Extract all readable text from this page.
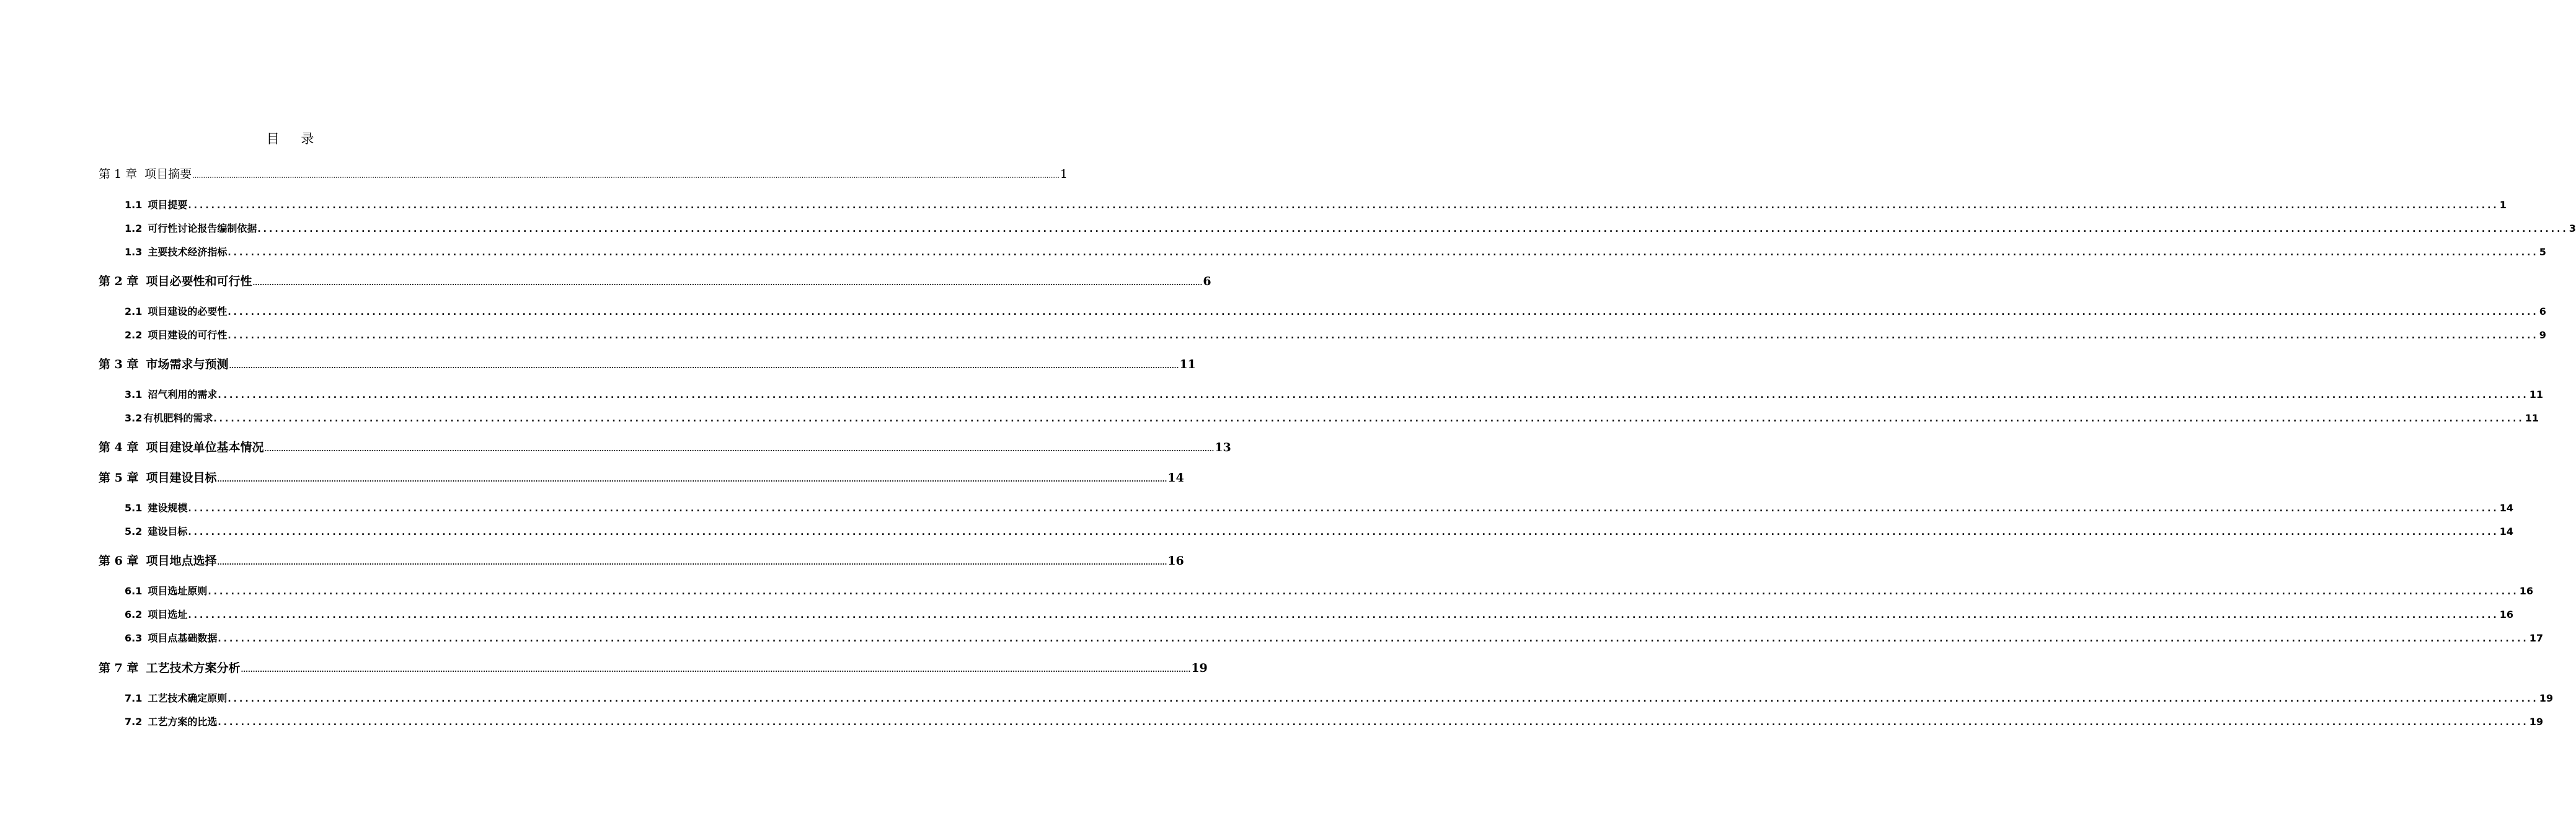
目 录
第 1 章 项目摘要 ................................................................................................................................................................................................................................................................................................................................................................................................................ 1
1.1 项目提要 ................................................................................................................................................................................................................................................................................................................................................................................................................ 1
1.2 可行性讨论报告编制依据 ................................................................................................................................................................................................................................................................................................................................................................................................................ 3
1.3 主要技术经济指标 ................................................................................................................................................................................................................................................................................................................................................................................................................ 5
第 2 章 项目必要性和可行性 ................................................................................................................................................................................................................................................................................................................................................................................................................ 6
2.1 项目建设的必要性 ................................................................................................................................................................................................................................................................................................................................................................................................................ 6
2.2 项目建设的可行性 ................................................................................................................................................................................................................................................................................................................................................................................................................ 9
第 3 章 市场需求与预测 ................................................................................................................................................................................................................................................................................................................................................................................................................ 11
3.1 沼气利用的需求 ................................................................................................................................................................................................................................................................................................................................................................................................................ 11
3.2 有机肥料的需求 ................................................................................................................................................................................................................................................................................................................................................................................................................ 11
第 4 章 项目建设单位基本情况 ................................................................................................................................................................................................................................................................................................................................................................................................................ 13
第 5 章 项目建设目标 ................................................................................................................................................................................................................................................................................................................................................................................................................ 14
5.1 建设规模 ................................................................................................................................................................................................................................................................................................................................................................................................................ 14
5.2 建设目标 ................................................................................................................................................................................................................................................................................................................................................................................................................ 14
第 6 章 项目地点选择 ................................................................................................................................................................................................................................................................................................................................................................................................................ 16
6.1 项目选址原则 ................................................................................................................................................................................................................................................................................................................................................................................................................ 16
6.2 项目选址 ................................................................................................................................................................................................................................................................................................................................................................................................................ 16
6.3 项目点基础数据 ................................................................................................................................................................................................................................................................................................................................................................................................................ 17
第 7 章 工艺技术方案分析 ................................................................................................................................................................................................................................................................................................................................................................................................................ 19
7.1 工艺技术确定原则 ................................................................................................................................................................................................................................................................................................................................................................................................................ 19
7.2 工艺方案的比选 ................................................................................................................................................................................................................................................................................................................................................................................................................ 19
